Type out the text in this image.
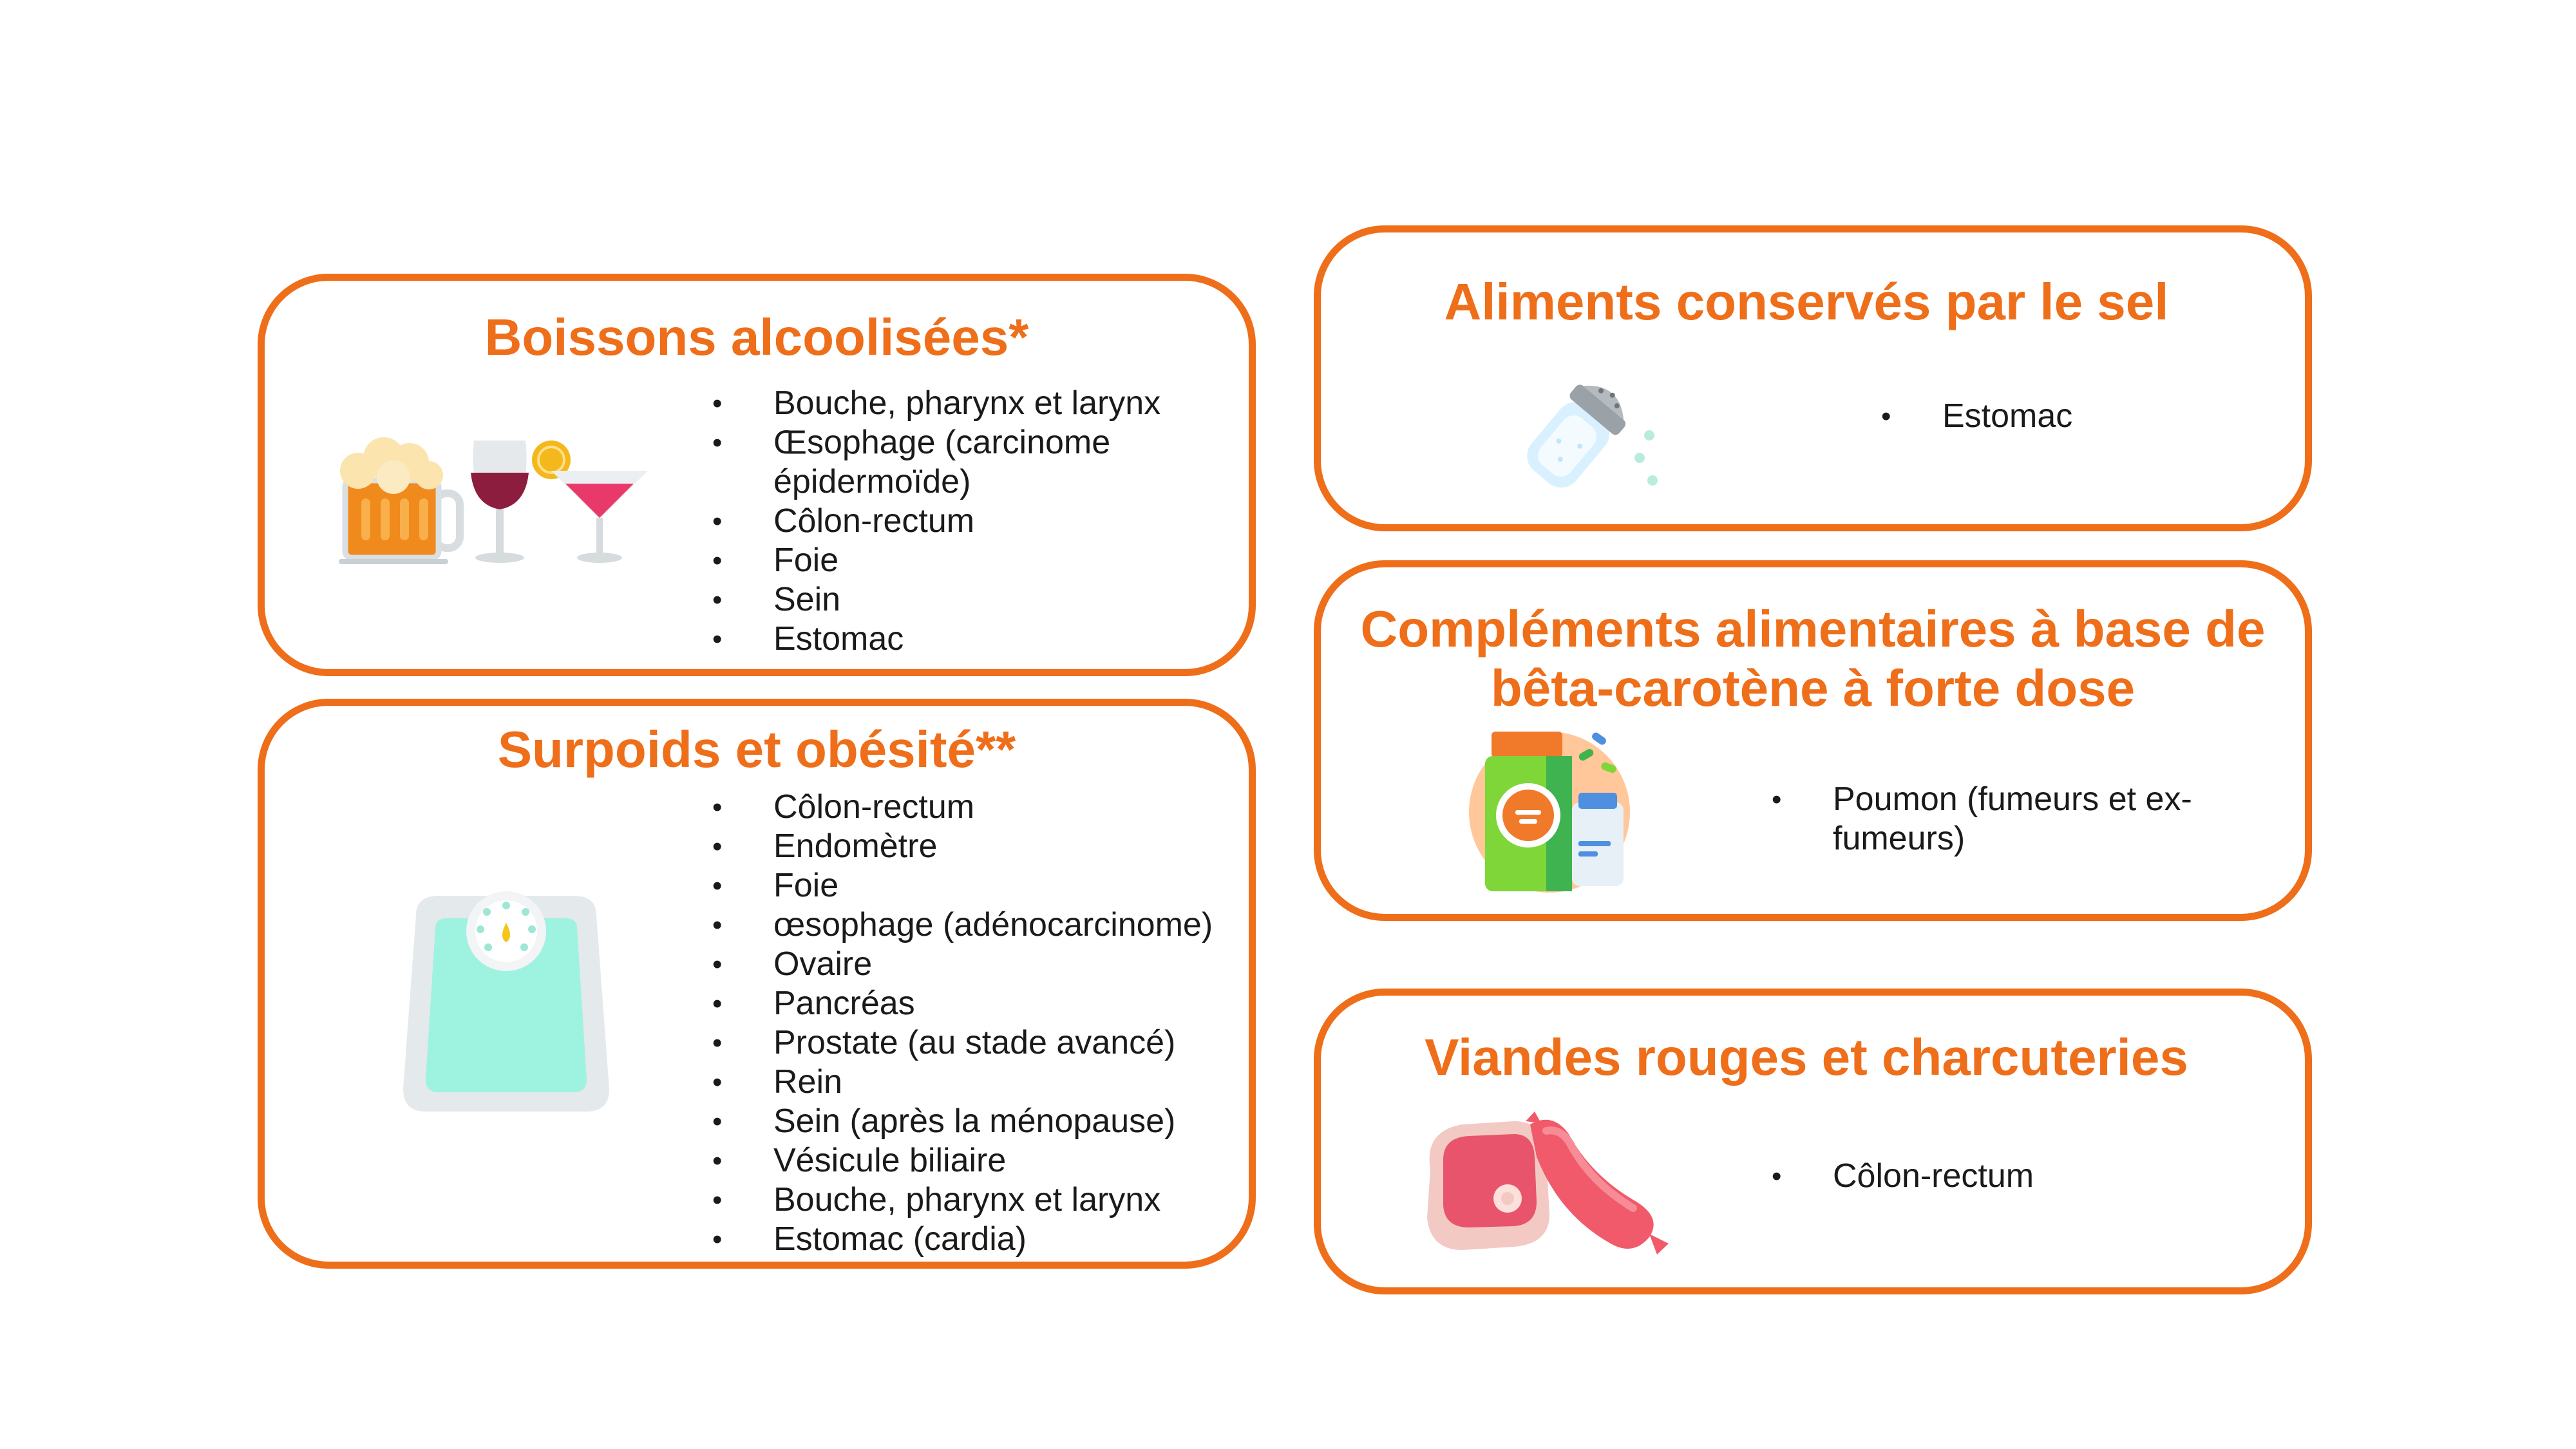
Boissons alcoolisées*
• Bouche, pharynx et larynx
• Œsophage (carcinome épidermoïde)
• Côlon-rectum
• Foie
• Sein
• Estomac
Surpoids et obésité**
• Côlon-rectum
• Endomètre
• Foie
• œsophage (adénocarcinome)
• Ovaire
• Pancréas
• Prostate (au stade avancé)
• Rein
• Sein (après la ménopause)
• Vésicule biliaire
• Bouche, pharynx et larynx
• Estomac (cardia)
Aliments conservés par le sel
• Estomac
Compléments alimentaires à base de
bêta-carotène à forte dose
• Poumon (fumeurs et ex-fumeurs)
Viandes rouges et charcuteries
• Côlon-rectum
